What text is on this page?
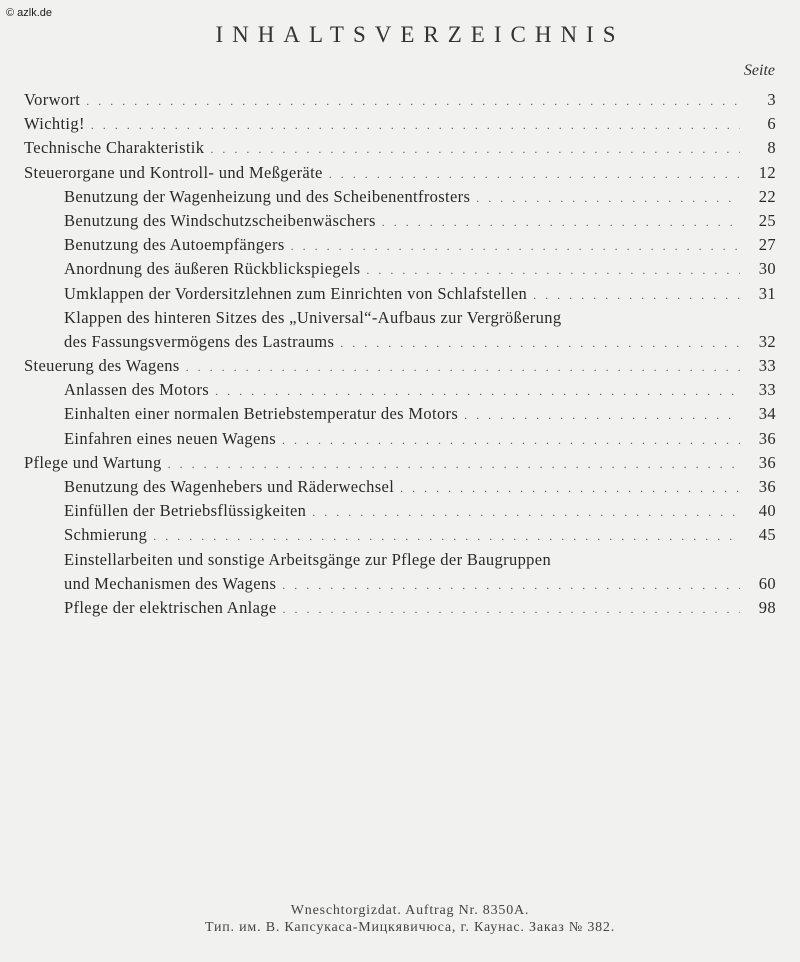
© azlk.de
INHALTSVERZEICHNIS
Seite
Vorwort . . .	3
Wichtig! . . .	6
Technische Charakteristik . . .	8
Steuerorgane und Kontroll- und Meßgeräte . . .	12
Benutzung der Wagenheizung und des Scheibenentfrosters . . .	22
Benutzung des Windschutzscheibenwäschers . . .	25
Benutzung des Autoempfängers . . .	27
Anordnung des äußeren Rückblickspiegels . . .	30
Umklappen der Vordersitzlehnen zum Einrichten von Schlafstellen . . .	31
Klappen des hinteren Sitzes des „Universal“-Aufbaus zur Vergrößerung
des Fassungsvermögens des Lastraums . . .	32
Steuerung des Wagens . . .	33
Anlassen des Motors . . .	33
Einhalten einer normalen Betriebstemperatur des Motors . . .	34
Einfahren eines neuen Wagens . . .	36
Pflege und Wartung . . .	36
Benutzung des Wagenhebers und Räderwechsel . . .	36
Einfüllen der Betriebsflüssigkeiten . . .	40
Schmierung . . .	45
Einstellarbeiten und sonstige Arbeitsgänge zur Pflege der Baugruppen
und Mechanismen des Wagens . . .	60
Pflege der elektrischen Anlage . . .	98
Wneschtorgizdat. Auftrag Nr. 8350A.
Тип. им. В. Капсукаса-Мицкявичюса, г. Каунас. Заказ № 382.
